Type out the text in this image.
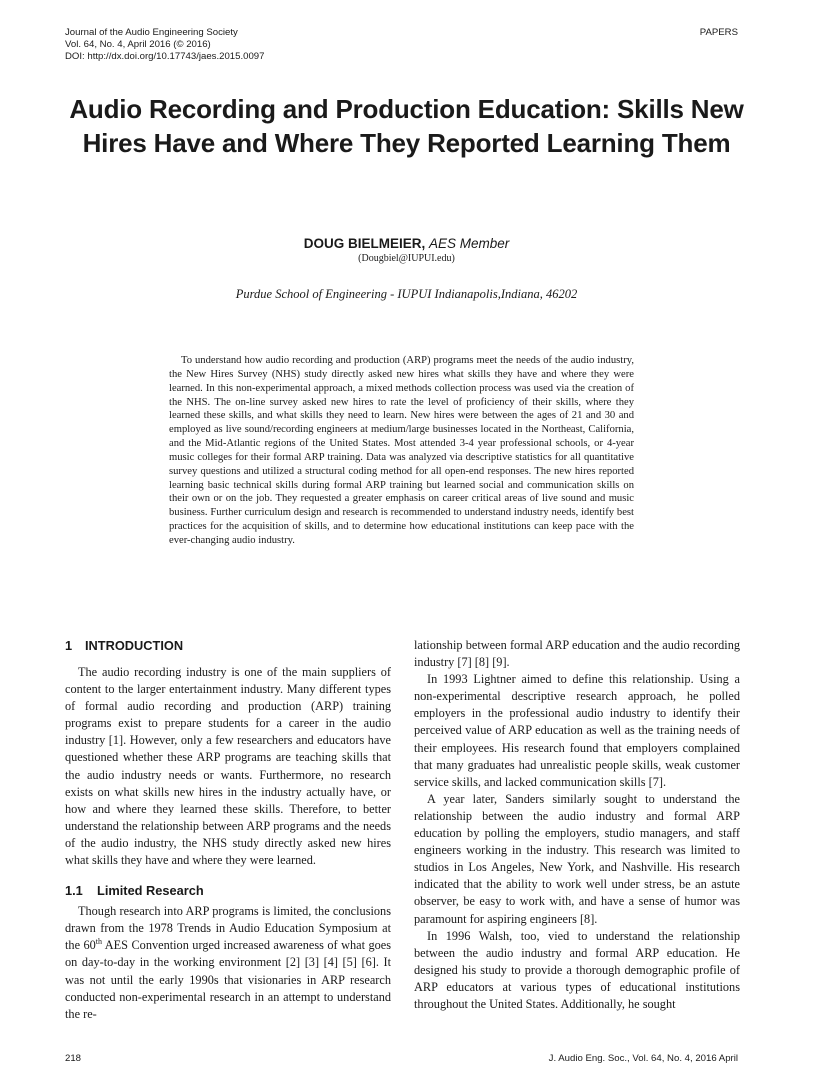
Journal of the Audio Engineering Society
Vol. 64, No. 4, April 2016 (© 2016)
DOI: http://dx.doi.org/10.17743/jaes.2015.0097
PAPERS
Audio Recording and Production Education: Skills New Hires Have and Where They Reported Learning Them
DOUG BIELMEIER, AES Member
(Dougbiel@IUPUI.edu)
Purdue School of Engineering - IUPUI Indianapolis,Indiana, 46202

To understand how audio recording and production (ARP) programs meet the needs of the audio industry, the New Hires Survey (NHS) study directly asked new hires what skills they have and where they were learned. In this non-experimental approach, a mixed methods collection process was used via the creation of the NHS. The on-line survey asked new hires to rate the level of proficiency of their skills, where they learned these skills, and what skills they need to learn. New hires were between the ages of 21 and 30 and employed as live sound/recording engineers at medium/large businesses located in the Northeast, California, and the Mid-Atlantic regions of the United States. Most attended 3-4 year professional schools, or 4-year music colleges for their formal ARP training. Data was analyzed via descriptive statistics for all quantitative survey questions and utilized a structural coding method for all open-end responses. The new hires reported learning basic technical skills during formal ARP training but learned social and communication skills on their own or on the job. They requested a greater emphasis on career critical areas of live sound and music business. Further curriculum design and research is recommended to understand industry needs, identify best practices for the acquisition of skills, and to determine how educational institutions can keep pace with the ever-changing audio industry.

1 INTRODUCTION

The audio recording industry is one of the main suppliers of content to the larger entertainment industry. Many different types of formal audio recording and production (ARP) training programs exist to prepare students for a career in the audio industry [1]. However, only a few researchers and educators have questioned whether these ARP programs are teaching skills that the audio industry needs or wants. Furthermore, no research exists on what skills new hires in the industry actually have, or how and where they learned these skills. Therefore, to better understand the relationship between ARP programs and the needs of the audio industry, the NHS study directly asked new hires what skills they have and where they were learned.

1.1 Limited Research

Though research into ARP programs is limited, the conclusions drawn from the 1978 Trends in Audio Education Symposium at the 60th AES Convention urged increased awareness of what goes on day-to-day in the working environment [2] [3] [4] [5] [6]. It was not until the early 1990s that visionaries in ARP research conducted non-experimental research in an attempt to understand the re-

lationship between formal ARP education and the audio recording industry [7] [8] [9].

In 1993 Lightner aimed to define this relationship. Using a non-experimental descriptive research approach, he polled employers in the professional audio industry to identify their perceived value of ARP education as well as the training needs of their employees. His research found that employers complained that many graduates had unrealistic people skills, weak customer service skills, and lacked communication skills [7].

A year later, Sanders similarly sought to understand the relationship between the audio industry and formal ARP education by polling the employers, studio managers, and staff engineers working in the industry. This research was limited to studios in Los Angeles, New York, and Nashville. His research indicated that the ability to work well under stress, be an astute observer, be easy to work with, and have a sense of humor was paramount for aspiring engineers [8].

In 1996 Walsh, too, vied to understand the relationship between the audio industry and formal ARP education. He designed his study to provide a thorough demographic profile of ARP educators at various types of educational institutions throughout the United States. Additionally, he sought

218	J. Audio Eng. Soc., Vol. 64, No. 4, 2016 April
